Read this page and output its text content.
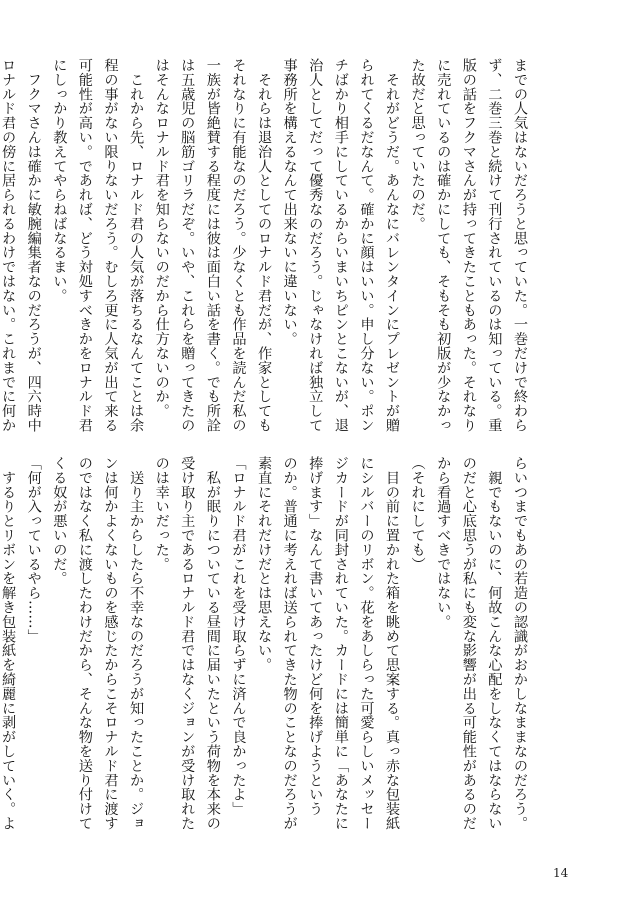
までの人気はないだろうと思っていた。一巻だけで終わら
ず、二巻三巻と続けて刊行されているのは知っている。重
版の話をフクマさんが持ってきたこともあった。それなり
に売れているのは確かにしても、そもそも初版が少なかっ
た故だと思っていたのだ。
　それがどうだ。あんなにバレンタインにプレゼントが贈
られてくるだなんて。確かに顔はいい。申し分ない。ポン
チばかり相手にしているからいまいちピンとこないが、退
治人としてだって優秀なのだろう。じゃなければ独立して
事務所を構えるなんて出来ないに違いない。
　それらは退治人としてのロナルド君だが、作家としても
それなりに有能なのだろう。少なくとも作品を読んだ私の
一族が皆絶賛する程度には彼は面白い話を書く。でも所詮
は五歳児の脳筋ゴリラだぞ。いや、これらを贈ってきたの
はそんなロナルド君を知らないのだから仕方ないのか。
　これから先、ロナルド君の人気が落ちるなんてことは余
程の事がない限りないだろう。むしろ更に人気が出て来る
可能性が高い。であれば、どう対処すべきかをロナルド君
にしっかり教えてやらねばなるまい。
　フクマさんは確かに敏腕編集者なのだろうが、四六時中
ロナルド君の傍に居られるわけではない。これまでに何か
らいつまでもあの若造の認識がおかしなままなのだろう。
　親でもないのに、何故こんな心配をしなくてはならない
のだと心底思うが私にも変な影響が出る可能性があるのだ
から看過すべきではない。
（それにしても）
　目の前に置かれた箱を眺めて思案する。真っ赤な包装紙
にシルバーのリボン。花をあしらった可愛らしいメッセー
ジカードが同封されていた。カードには簡単に「あなたに
捧げます」なんて書いてあったけど何を捧げようという
のか。普通に考えれば送られてきた物のことなのだろうが
素直にそれだけだとは思えない。
「ロナルド君がこれを受け取らずに済んで良かったよ」
　私が眠りについている昼間に届いたという荷物を本来の
受け取り主であるロナルド君ではなくジョンが受け取れた
のは幸いだった。
　送り主からしたら不幸なのだろうが知ったことか。ジョ
ンは何かよくないものを感じたからこそロナルド君に渡す
のではなく私に渡したわけだから、そんな物を送り付けて
くる奴が悪いのだ。
「何が入っているやら……」
　するりとリボンを解き包装紙を綺麗に剥がしていく。よ
14
